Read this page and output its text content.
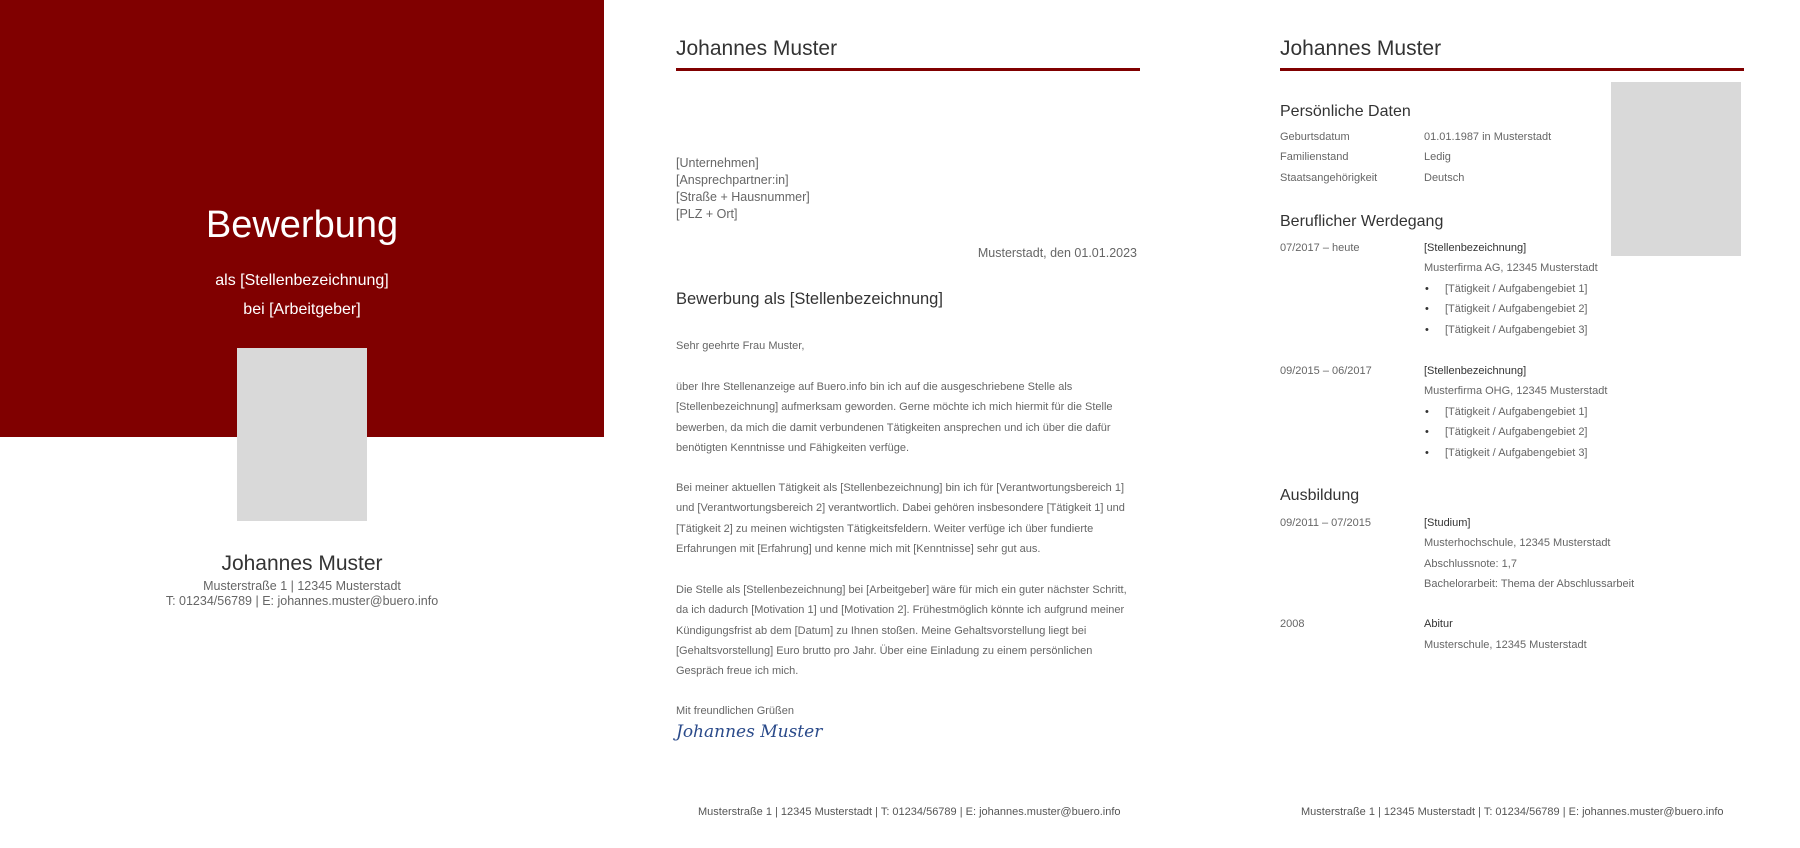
Bewerbung
als [Stellenbezeichnung]
bei [Arbeitgeber]
Johannes Muster
Musterstraße 1 | 12345 Musterstadt
T: 01234/56789 | E: johannes.muster@buero.info
Johannes Muster
[Unternehmen]
[Ansprechpartner:in]
[Straße + Hausnummer]
[PLZ + Ort]
Musterstadt, den 01.01.2023
Bewerbung als [Stellenbezeichnung]
Sehr geehrte Frau Muster,
über Ihre Stellenanzeige auf Buero.info bin ich auf die ausgeschriebene Stelle als [Stellenbezeichnung] aufmerksam geworden. Gerne möchte ich mich hiermit für die Stelle bewerben, da mich die damit verbundenen Tätigkeiten ansprechen und ich über die dafür benötigten Kenntnisse und Fähigkeiten verfüge.
Bei meiner aktuellen Tätigkeit als [Stellenbezeichnung] bin ich für [Verantwortungsbereich 1] und [Verantwortungsbereich 2] verantwortlich. Dabei gehören insbesondere [Tätigkeit 1] und [Tätigkeit 2] zu meinen wichtigsten Tätigkeitsfeldern. Weiter verfüge ich über fundierte Erfahrungen mit [Erfahrung] und kenne mich mit [Kenntnisse] sehr gut aus.
Die Stelle als [Stellenbezeichnung] bei [Arbeitgeber] wäre für mich ein guter nächster Schritt, da ich dadurch [Motivation 1] und [Motivation 2]. Frühestmöglich könnte ich aufgrund meiner Kündigungsfrist ab dem [Datum] zu Ihnen stoßen. Meine Gehaltsvorstellung liegt bei [Gehaltsvorstellung] Euro brutto pro Jahr. Über eine Einladung zu einem persönlichen Gespräch freue ich mich.
Mit freundlichen Grüßen
Johannes Muster
Musterstraße 1 | 12345 Musterstadt | T: 01234/56789 | E: johannes.muster@buero.info
Johannes Muster
Persönliche Daten
Geburtsdatum	01.01.1987 in Musterstadt
Familienstand	Ledig
Staatsangehörigkeit	Deutsch
Beruflicher Werdegang
07/2017 – heute	[Stellenbezeichnung]
Musterfirma AG, 12345 Musterstadt
• [Tätigkeit / Aufgabengebiet 1]
• [Tätigkeit / Aufgabengebiet 2]
• [Tätigkeit / Aufgabengebiet 3]
09/2015 – 06/2017	[Stellenbezeichnung]
Musterfirma OHG, 12345 Musterstadt
• [Tätigkeit / Aufgabengebiet 1]
• [Tätigkeit / Aufgabengebiet 2]
• [Tätigkeit / Aufgabengebiet 3]
Ausbildung
09/2011 – 07/2015	[Studium]
Musterhochschule, 12345 Musterstadt
Abschlussnote: 1,7
Bachelorarbeit: Thema der Abschlussarbeit
2008	Abitur
Musterschule, 12345 Musterstadt
Musterstraße 1 | 12345 Musterstadt | T: 01234/56789 | E: johannes.muster@buero.info
